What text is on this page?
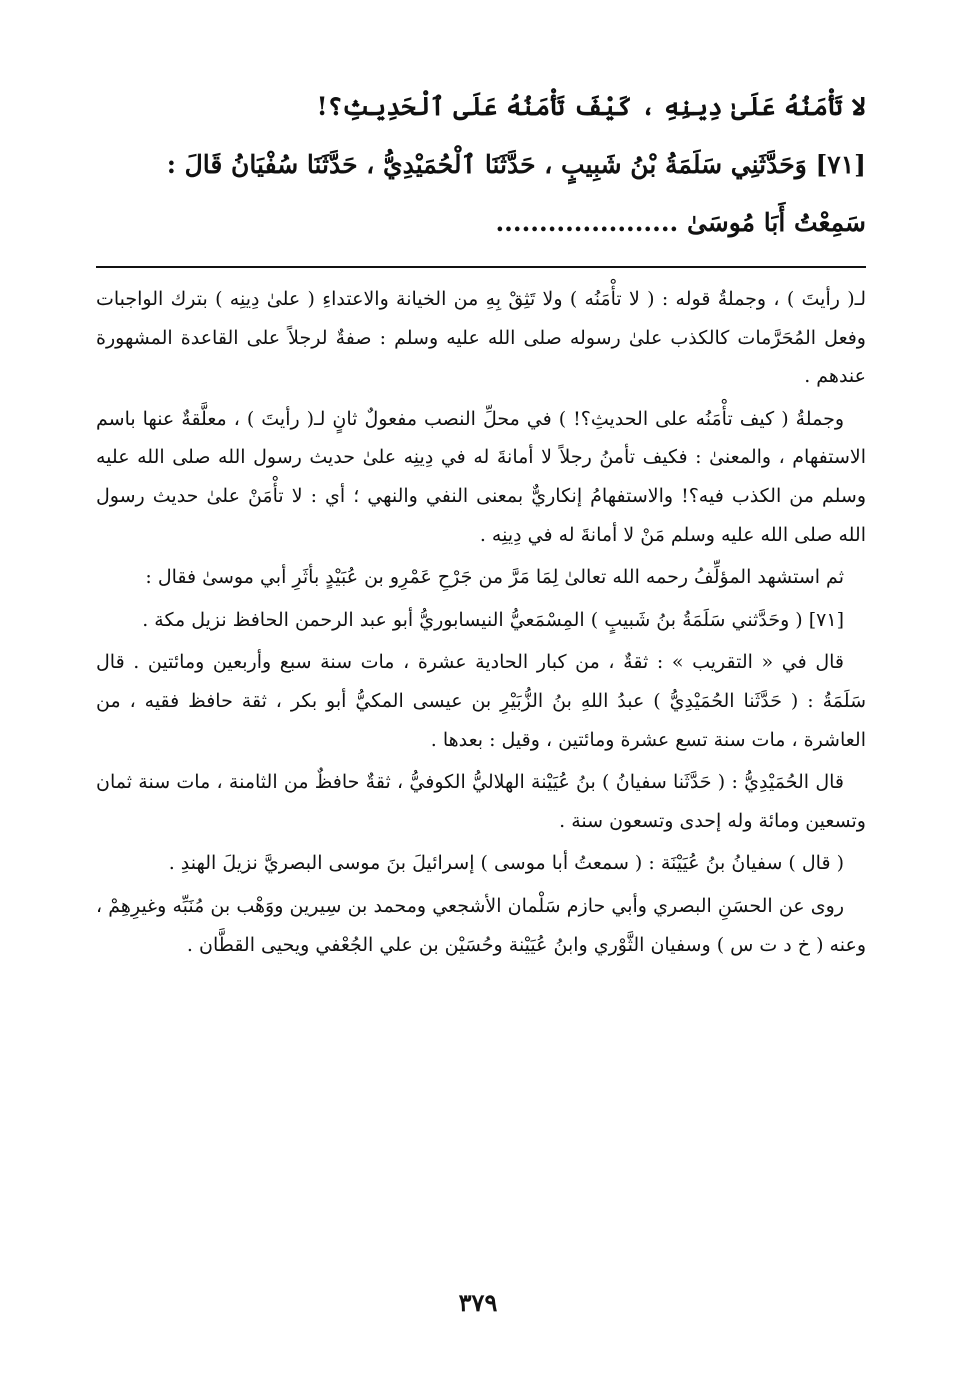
لا تَأْمَنُهُ عَلَىٰ دِينِهِ ، كَيْفَ تَأْمَنُهُ عَلَى ٱلْحَدِيثِ؟!

[٧١] وَحَدَّثَنِي سَلَمَةُ بْنُ شَبِيبٍ ، حَدَّثَنَا ٱلْحُمَيْدِيُّ ، حَدَّثَنَا سُفْيَانُ قَالَ :

سَمِعْتُ أَبَا مُوسَىٰ .....................

لـ( رأيتَ ) ، وجملةُ قوله : ( لا تأْمَنُه ) ولا تَثِقْ بِهِ من الخيانة والاعتداءِ ( علىٰ دِينِه ) بترك الواجبات وفعل المُحَرَّمات كالكذب علىٰ رسوله صلى الله عليه وسلم : صفةٌ لرجلاً على القاعدة المشهورة عندهم .

وجملةُ ( كيف تأْمَنُه على الحديثِ؟! ) في محلِّ النصب مفعولٌ ثانٍ لـ( رأيتَ ) ، معلَّقةٌ عنها باسم الاستفهام ، والمعنىٰ : فكيف تأمنُ رجلاً لا أمانةَ له في دِينِه علىٰ حديث رسول الله صلى الله عليه وسلم من الكذب فيه؟! والاستفهامُ إنكاريٌّ بمعنى النفي والنهي ؛ أي : لا تأْمَنْ علىٰ حديث رسول الله صلى الله عليه وسلم مَنْ لا أمانةَ له في دِينِه .

ثم استشهد المؤلِّفُ رحمه الله تعالىٰ لِمَا مَرَّ من جَرْحِ عَمْرِو بن عُبَيْدٍ بأثَرِ أبي موسىٰ فقال :

[٧١] ( وحَدَّثني سَلَمَةُ بنُ شَبيبٍ ) المِسْمَعيُّ النيسابوريُّ أبو عبد الرحمن الحافظ نزيل مكة .

قال في « التقريب » : ثقةٌ ، من كبار الحادية عشرة ، مات سنة سبع وأربعين ومائتين . قال سَلَمَةُ : ( حَدَّثَنا الحُمَيْدِيُّ ) عبدُ اللهِ بنُ الزُّبَيْرِ بن عيسى المكيُّ أبو بكر ، ثقة حافظ فقيه ، من العاشرة ، مات سنة تسع عشرة ومائتين ، وقيل : بعدها .

قال الحُمَيْدِيُّ : ( حَدَّثَنا سفيانُ ) بنُ عُيَيْنة الهلاليُّ الكوفيُّ ، ثقةٌ حافظٌ من الثامنة ، مات سنة ثمان وتسعين ومائة وله إحدى وتسعون سنة .

( قال ) سفيانُ بنُ عُيَيْنَة : ( سمعتُ أبا موسى ) إسرائيلَ بنَ موسى البصريَّ نزيلَ الهندِ .

روى عن الحسَنِ البصري وأبي حازم سَلْمان الأشجعي ومحمد بن سِيرين ووَهْب بن مُنَبِّه وغيرِهِمْ ، وعنه ( خ د ت س ) وسفيان الثَّوْري وابنُ عُيَيْنة وحُسَيْن بن علي الجُعْفي ويحيى القطَّان .

٣٧٩
